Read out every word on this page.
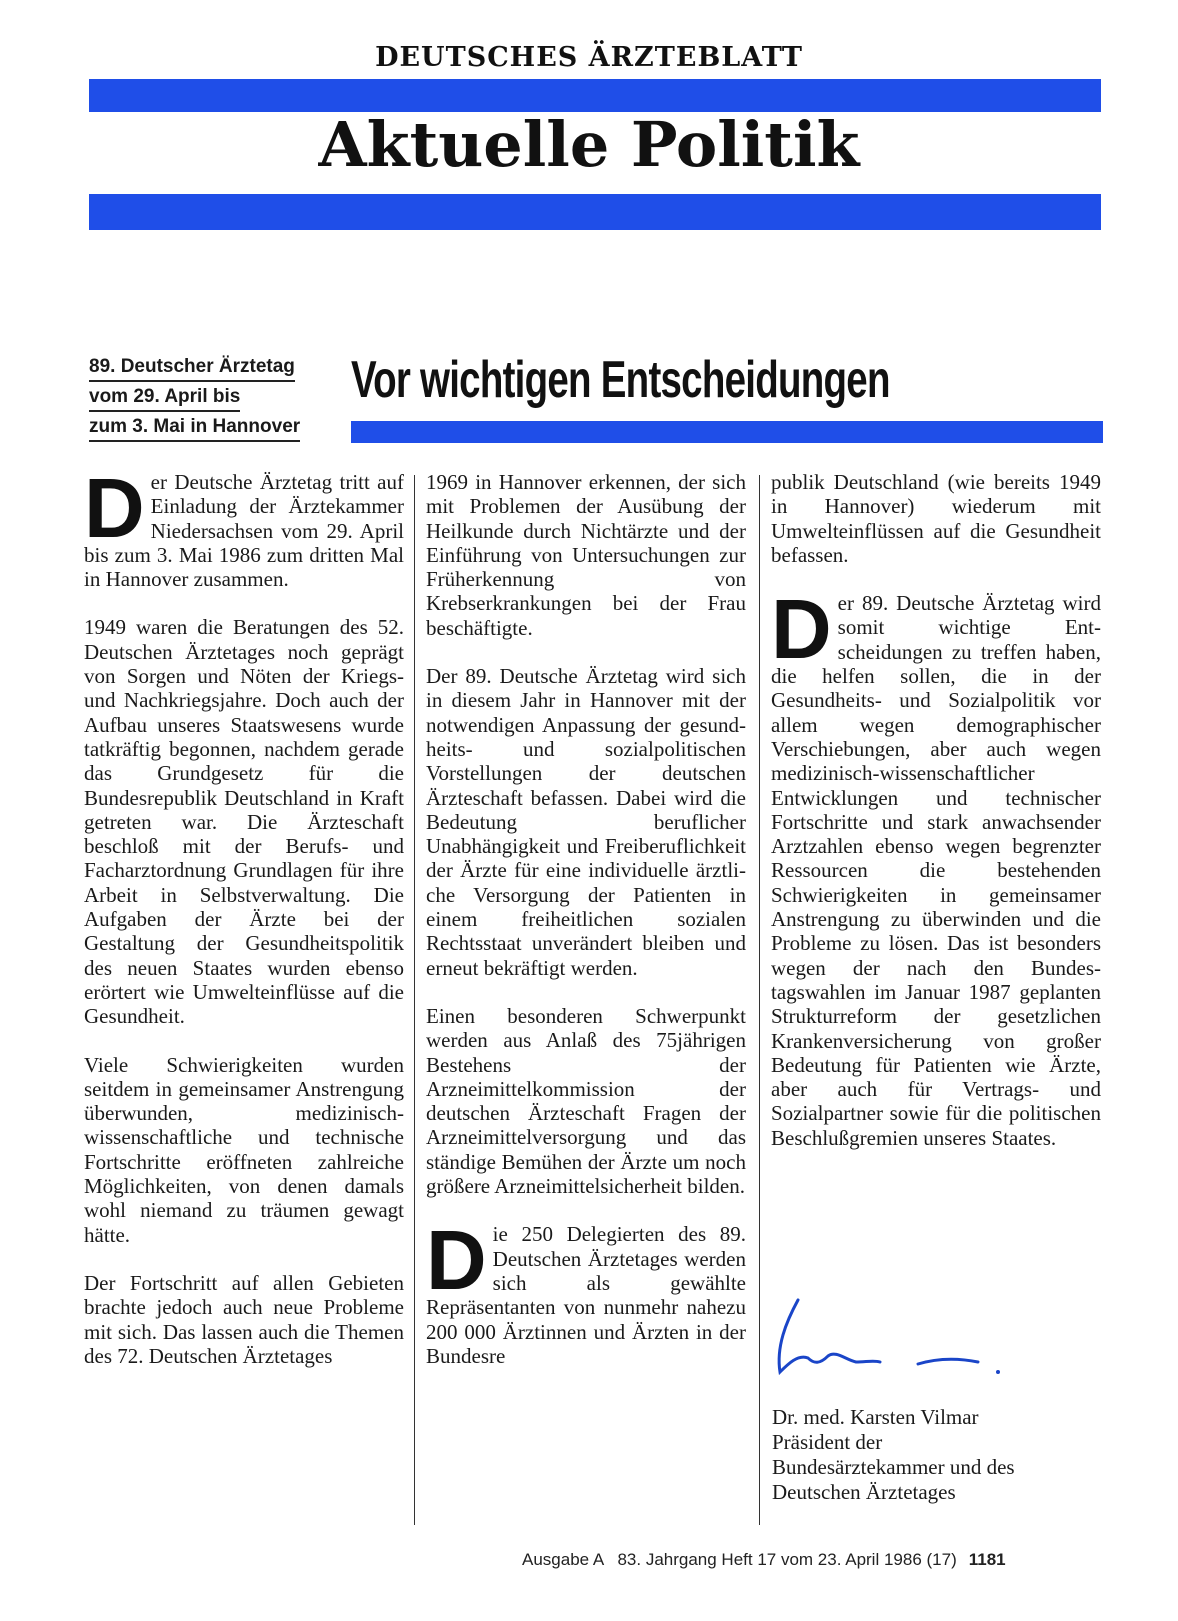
DEUTSCHES ÄRZTEBLATT
Aktuelle Politik
89. Deutscher Ärztetag
vom 29. April bis
zum 3. Mai in Hannover
Vor wichtigen Entscheidungen

Der Deutsche Ärztetag tritt auf Einladung der Ärztekammer Niedersachsen vom 29. April bis zum 3. Mai 1986 zum dritten Mal in Hannover zusammen.

1949 waren die Beratungen des 52. Deutschen Ärztetages noch geprägt von Sorgen und Nöten der Kriegs- und Nachkriegsjahre. Doch auch der Aufbau unseres Staatswesens wurde tatkräftig begonnen, nachdem gerade das Grundgesetz für die Bundesrepublik Deutschland in Kraft getreten war. Die Ärzteschaft beschloß mit der Berufs- und Facharztordnung Grundlagen für ihre Arbeit in Selbstverwaltung. Die Aufgaben der Ärzte bei der Gestaltung der Gesundheitspolitik des neuen Staates wurden ebenso erörtert wie Umwelteinflüsse auf die Gesundheit.

Viele Schwierigkeiten wurden seitdem in gemeinsamer Anstrengung überwunden, medizinisch-wissenschaftliche und technische Fortschritte eröffneten zahlreiche Möglichkeiten, von denen damals wohl niemand zu träumen gewagt hätte.

Der Fortschritt auf allen Gebieten brachte jedoch auch neue Probleme mit sich. Das lassen auch die Themen des 72. Deutschen Ärztetages

1969 in Hannover erkennen, der sich mit Problemen der Ausübung der Heilkunde durch Nichtärzte und der Einführung von Untersuchungen zur Früherkennung von Krebserkrankungen bei der Frau beschäftigte.

Der 89. Deutsche Ärztetag wird sich in diesem Jahr in Hannover mit der notwendigen Anpassung der gesundheits- und sozialpolitischen Vorstellungen der deutschen Ärzteschaft befassen. Dabei wird die Bedeutung beruflicher Unabhängigkeit und Freiberuflichkeit der Ärzte für eine individuelle ärztliche Versorgung der Patienten in einem freiheitlichen sozialen Rechtsstaat unverändert bleiben und erneut bekräftigt werden.

Einen besonderen Schwerpunkt werden aus Anlaß des 75jährigen Bestehens der Arzneimittelkommission der deutschen Ärzteschaft Fragen der Arzneimittelversorgung und das ständige Bemühen der Ärzte um noch größere Arzneimittelsicherheit bilden.

Die 250 Delegierten des 89. Deutschen Ärztetages werden sich als gewählte Repräsentanten von nunmehr nahezu 200 000 Ärztinnen und Ärzten in der Bundesre

publik Deutschland (wie bereits 1949 in Hannover) wiederum mit Umwelteinflüssen auf die Gesundheit befassen.

Der 89. Deutsche Ärztetag wird somit wichtige Entscheidungen zu treffen haben, die helfen sollen, die in der Gesundheits- und Sozialpolitik vor allem wegen demographischer Verschiebungen, aber auch wegen medizinisch-wissenschaftlicher Entwicklungen und technischer Fortschritte und stark anwachsender Arztzahlen ebenso wegen begrenzter Ressourcen die bestehenden Schwierigkeiten in gemeinsamer Anstrengung zu überwinden und die Probleme zu lösen. Das ist besonders wegen der nach den Bundestagswahlen im Januar 1987 geplanten Strukturreform der gesetzlichen Krankenversicherung von großer Bedeutung für Patienten wie Ärzte, aber auch für Vertrags- und Sozialpartner sowie für die politischen Beschlußgremien unseres Staates.

Dr. med. Karsten Vilmar
Präsident der
Bundesärztekammer und des
Deutschen Ärztetages
Ausgabe A   83. Jahrgang Heft 17 vom 23. April 1986 (17) 1181
